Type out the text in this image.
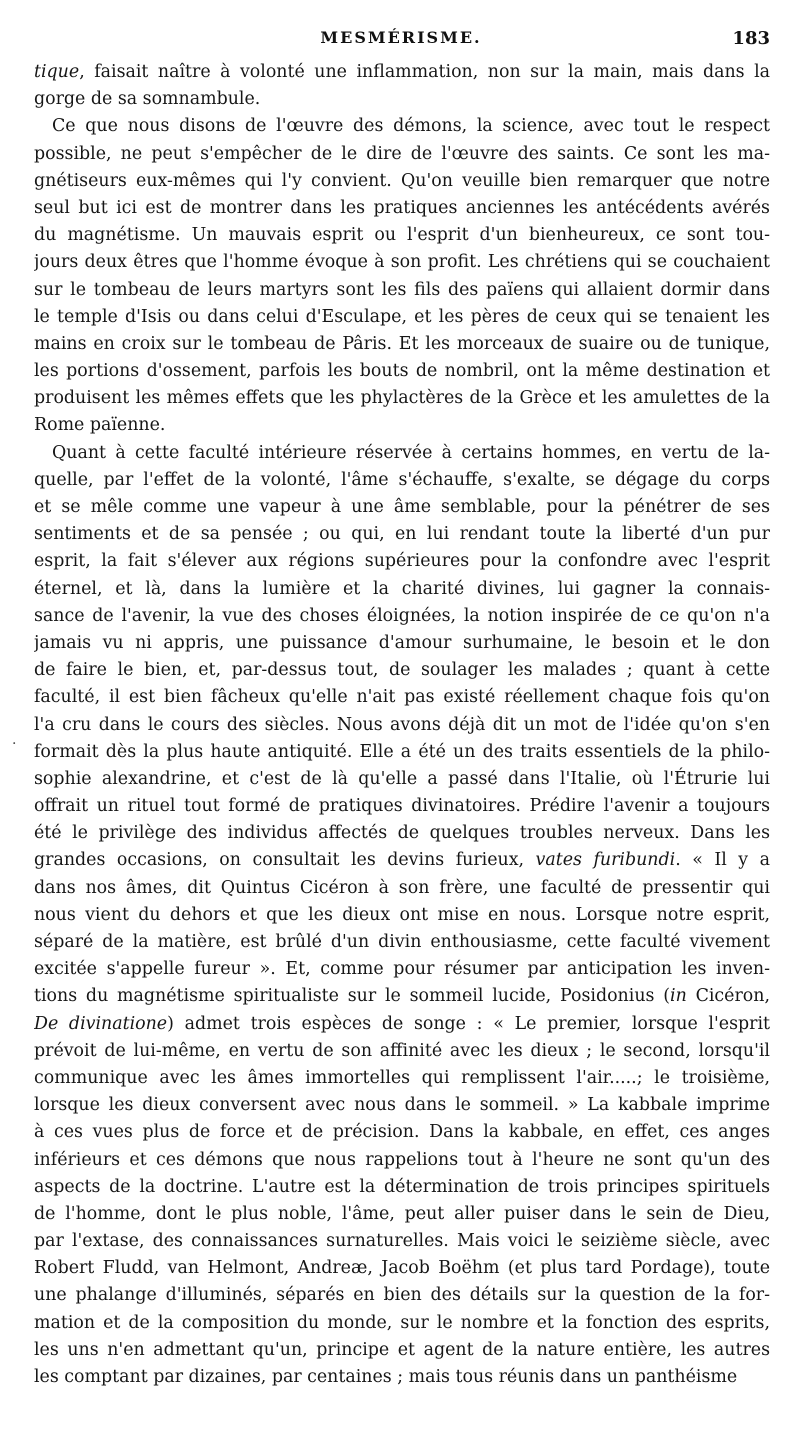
MESMÉRISME.	183
tique, faisait naître à volonté une inflammation, non sur la main, mais dans la
gorge de sa somnambule.
Ce que nous disons de l'œuvre des démons, la science, avec tout le respect
possible, ne peut s'empêcher de le dire de l'œuvre des saints. Ce sont les ma-
gnétiseurs eux-mêmes qui l'y convient. Qu'on veuille bien remarquer que notre
seul but ici est de montrer dans les pratiques anciennes les antécédents avérés
du magnétisme. Un mauvais esprit ou l'esprit d'un bienheureux, ce sont tou-
jours deux êtres que l'homme évoque à son profit. Les chrétiens qui se couchaient
sur le tombeau de leurs martyrs sont les fils des païens qui allaient dormir dans
le temple d'Isis ou dans celui d'Esculape, et les pères de ceux qui se tenaient les
mains en croix sur le tombeau de Pâris. Et les morceaux de suaire ou de tunique,
les portions d'ossement, parfois les bouts de nombril, ont la même destination et
produisent les mêmes effets que les phylactères de la Grèce et les amulettes de la
Rome païenne.
Quant à cette faculté intérieure réservée à certains hommes, en vertu de la-
quelle, par l'effet de la volonté, l'âme s'échauffe, s'exalte, se dégage du corps
et se mêle comme une vapeur à une âme semblable, pour la pénétrer de ses
sentiments et de sa pensée ; ou qui, en lui rendant toute la liberté d'un pur
esprit, la fait s'élever aux régions supérieures pour la confondre avec l'esprit
éternel, et là, dans la lumière et la charité divines, lui gagner la connais-
sance de l'avenir, la vue des choses éloignées, la notion inspirée de ce qu'on n'a
jamais vu ni appris, une puissance d'amour surhumaine, le besoin et le don
de faire le bien, et, par-dessus tout, de soulager les malades ; quant à cette
faculté, il est bien fâcheux qu'elle n'ait pas existé réellement chaque fois qu'on
l'a cru dans le cours des siècles. Nous avons déjà dit un mot de l'idée qu'on s'en
formait dès la plus haute antiquité. Elle a été un des traits essentiels de la philo-
sophie alexandrine, et c'est de là qu'elle a passé dans l'Italie, où l'Étrurie lui
offrait un rituel tout formé de pratiques divinatoires. Prédire l'avenir a toujours
été le privilège des individus affectés de quelques troubles nerveux. Dans les
grandes occasions, on consultait les devins furieux, vates furibundi. « Il y a
dans nos âmes, dit Quintus Cicéron à son frère, une faculté de pressentir qui
nous vient du dehors et que les dieux ont mise en nous. Lorsque notre esprit,
séparé de la matière, est brûlé d'un divin enthousiasme, cette faculté vivement
excitée s'appelle fureur ». Et, comme pour résumer par anticipation les inven-
tions du magnétisme spiritualiste sur le sommeil lucide, Posidonius (in Cicéron,
De divinatione) admet trois espèces de songe : « Le premier, lorsque l'esprit
prévoit de lui-même, en vertu de son affinité avec les dieux ; le second, lorsqu'il
communique avec les âmes immortelles qui remplissent l'air.....; le troisième,
lorsque les dieux conversent avec nous dans le sommeil. » La kabbale imprime
à ces vues plus de force et de précision. Dans la kabbale, en effet, ces anges
inférieurs et ces démons que nous rappelions tout à l'heure ne sont qu'un des
aspects de la doctrine. L'autre est la détermination de trois principes spirituels
de l'homme, dont le plus noble, l'âme, peut aller puiser dans le sein de Dieu,
par l'extase, des connaissances surnaturelles. Mais voici le seizième siècle, avec
Robert Fludd, van Helmont, Andreæ, Jacob Boëhm (et plus tard Pordage), toute
une phalange d'illuminés, séparés en bien des détails sur la question de la for-
mation et de la composition du monde, sur le nombre et la fonction des esprits,
les uns n'en admettant qu'un, principe et agent de la nature entière, les autres
les comptant par dizaines, par centaines ; mais tous réunis dans un panthéisme
·
